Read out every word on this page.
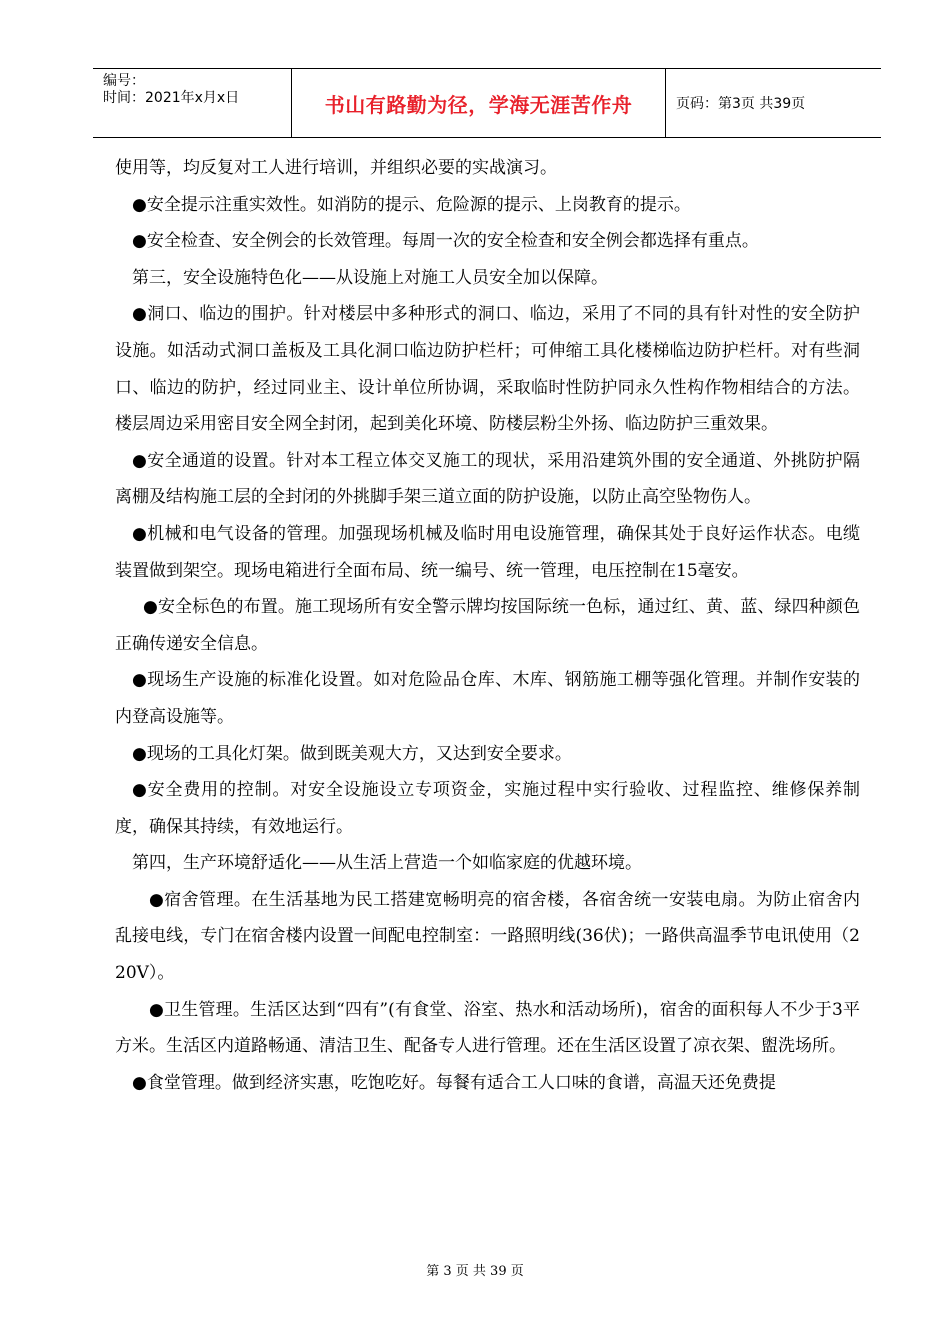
编号：
时间：2021年x月x日	书山有路勤为径，学海无涯苦作舟	页码：第3页 共39页

使用等，均反复对工人进行培训，并组织必要的实战演习。

●安全提示注重实效性。如消防的提示、危险源的提示、上岗教育的提示。

●安全检查、安全例会的长效管理。每周一次的安全检查和安全例会都选择有重点。

第三，安全设施特色化——从设施上对施工人员安全加以保障。

●洞口、临边的围护。针对楼层中多种形式的洞口、临边，采用了不同的具有针对性的安全防护设施。如活动式洞口盖板及工具化洞口临边防护栏杆；可伸缩工具化楼梯临边防护栏杆。对有些洞口、临边的防护，经过同业主、设计单位所协调，采取临时性防护同永久性构作物相结合的方法。楼层周边采用密目安全网全封闭，起到美化环境、防楼层粉尘外扬、临边防护三重效果。

●安全通道的设置。针对本工程立体交叉施工的现状，采用沿建筑外围的安全通道、外挑防护隔离棚及结构施工层的全封闭的外挑脚手架三道立面的防护设施，以防止高空坠物伤人。

●机械和电气设备的管理。加强现场机械及临时用电设施管理，确保其处于良好运作状态。电缆装置做到架空。现场电箱进行全面布局、统一编号、统一管理，电压控制在15毫安。

●安全标色的布置。施工现场所有安全警示牌均按国际统一色标，通过红、黄、蓝、绿四种颜色正确传递安全信息。

●现场生产设施的标准化设置。如对危险品仓库、木库、钢筋施工棚等强化管理。并制作安装的内登高设施等。

●现场的工具化灯架。做到既美观大方，又达到安全要求。

●安全费用的控制。对安全设施设立专项资金，实施过程中实行验收、过程监控、维修保养制度，确保其持续，有效地运行。

第四，生产环境舒适化——从生活上营造一个如临家庭的优越环境。

●宿舍管理。在生活基地为民工搭建宽畅明亮的宿舍楼，各宿舍统一安装电扇。为防止宿舍内乱接电线，专门在宿舍楼内设置一间配电控制室：一路照明线(36伏)；一路供高温季节电讯使用（220V）。

●卫生管理。生活区达到“四有”(有食堂、浴室、热水和活动场所)，宿舍的面积每人不少于3平方米。生活区内道路畅通、清洁卫生、配备专人进行管理。还在生活区设置了凉衣架、盥洗场所。

●食堂管理。做到经济实惠，吃饱吃好。每餐有适合工人口味的食谱，高温天还免费提

第 3 页 共 39 页
